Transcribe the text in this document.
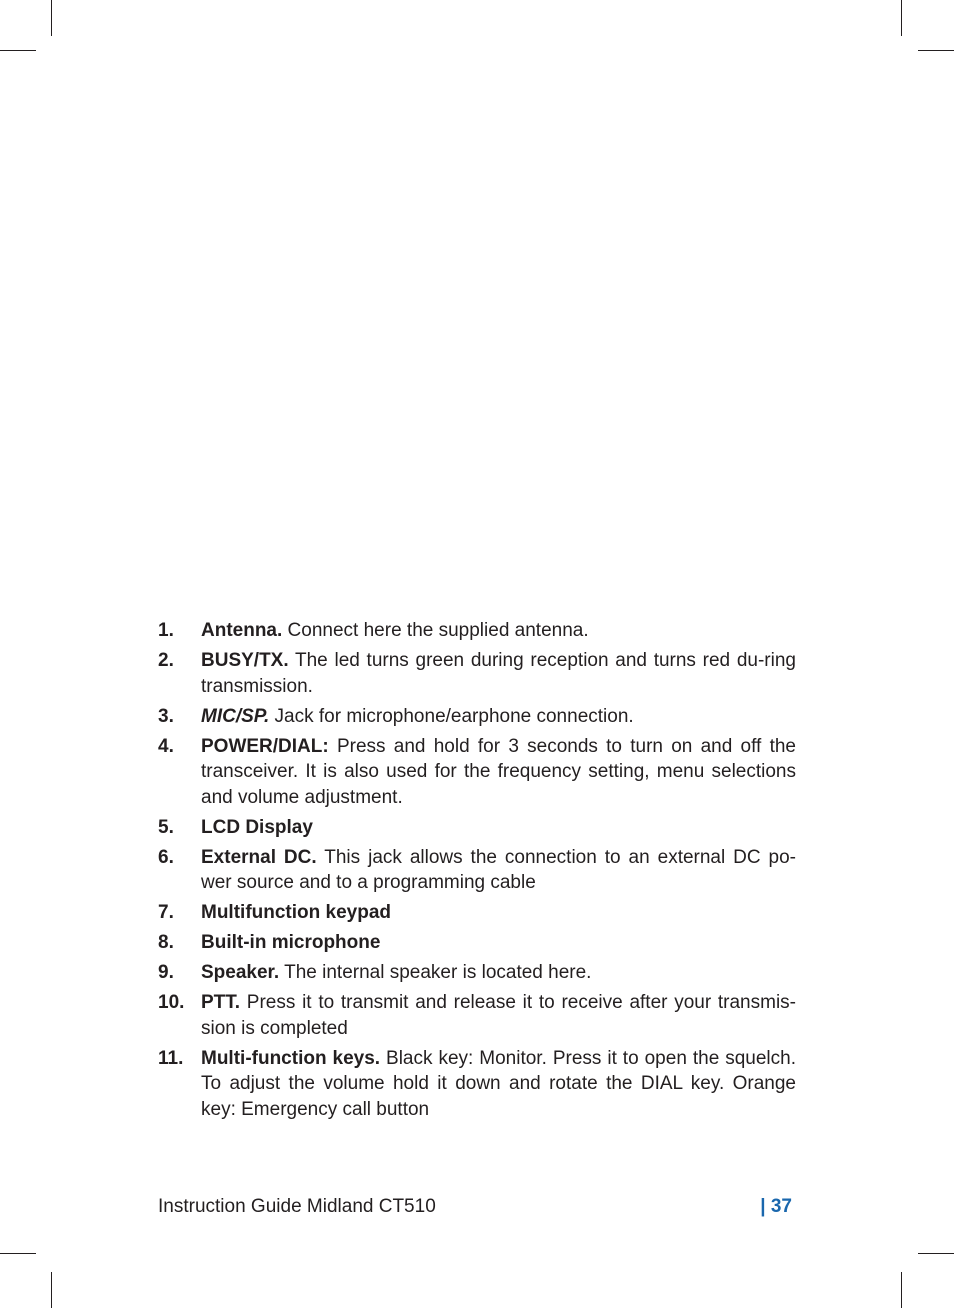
1. Antenna. Connect here the supplied antenna.
2. BUSY/TX. The led turns green during reception and turns red du-ring transmission.
3. MIC/SP. Jack for microphone/earphone connection.
4. POWER/DIAL: Press and hold for 3 seconds to turn on and off the transceiver. It is also used for the frequency setting, menu selections and volume adjustment.
5. LCD Display
6. External DC. This jack allows the connection to an external DC po-wer source and to a programming cable
7. Multifunction keypad
8. Built-in microphone
9. Speaker. The internal speaker is located here.
10. PTT. Press it to transmit and release it to receive after your transmis-sion is completed
11. Multi-function keys. Black key: Monitor. Press it to open the squelch. To adjust the volume hold it down and rotate the DIAL key. Orange key: Emergency call button
Instruction Guide Midland CT510	| 37
